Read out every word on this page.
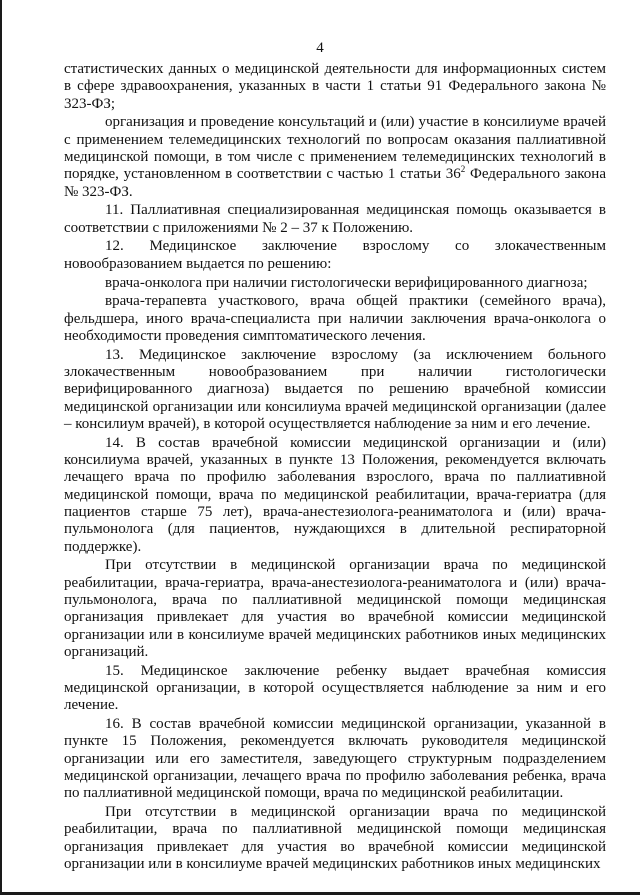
4

статистических данных о медицинской деятельности для информационных систем в сфере здравоохранения, указанных в части 1 статьи 91 Федерального закона № 323-ФЗ;

организация и проведение консультаций и (или) участие в консилиуме врачей с применением телемедицинских технологий по вопросам оказания паллиативной медицинской помощи, в том числе с применением телемедицинских технологий в порядке, установленном в соответствии с частью 1 статьи $36^2$ Федерального закона № 323-ФЗ.

11. Паллиативная специализированная медицинская помощь оказывается в соответствии с приложениями № 2 – 37 к Положению.

12. Медицинское заключение взрослому со злокачественным новообразованием выдается по решению:

врача-онколога при наличии гистологически верифицированного диагноза;

врача-терапевта участкового, врача общей практики (семейного врача), фельдшера, иного врача-специалиста при наличии заключения врача-онколога о необходимости проведения симптоматического лечения.

13. Медицинское заключение взрослому (за исключением больного злокачественным новообразованием при наличии гистологически верифицированного диагноза) выдается по решению врачебной комиссии медицинской организации или консилиума врачей медицинской организации (далее – консилиум врачей), в которой осуществляется наблюдение за ним и его лечение.

14. В состав врачебной комиссии медицинской организации и (или) консилиума врачей, указанных в пункте 13 Положения, рекомендуется включать лечащего врача по профилю заболевания взрослого, врача по паллиативной медицинской помощи, врача по медицинской реабилитации, врача-гериатра (для пациентов старше 75 лет), врача-анестезиолога-реаниматолога и (или) врача-пульмонолога (для пациентов, нуждающихся в длительной респираторной поддержке).

При отсутствии в медицинской организации врача по медицинской реабилитации, врача-гериатра, врача-анестезиолога-реаниматолога и (или) врача-пульмонолога, врача по паллиативной медицинской помощи медицинская организация привлекает для участия во врачебной комиссии медицинской организации или в консилиуме врачей медицинских работников иных медицинских организаций.

15. Медицинское заключение ребенку выдает врачебная комиссия медицинской организации, в которой осуществляется наблюдение за ним и его лечение.

16. В состав врачебной комиссии медицинской организации, указанной в пункте 15 Положения, рекомендуется включать руководителя медицинской организации или его заместителя, заведующего структурным подразделением медицинской организации, лечащего врача по профилю заболевания ребенка, врача по паллиативной медицинской помощи, врача по медицинской реабилитации.

При отсутствии в медицинской организации врача по медицинской реабилитации, врача по паллиативной медицинской помощи медицинская организация привлекает для участия во врачебной комиссии медицинской организации или в консилиуме врачей медицинских работников иных медицинских
